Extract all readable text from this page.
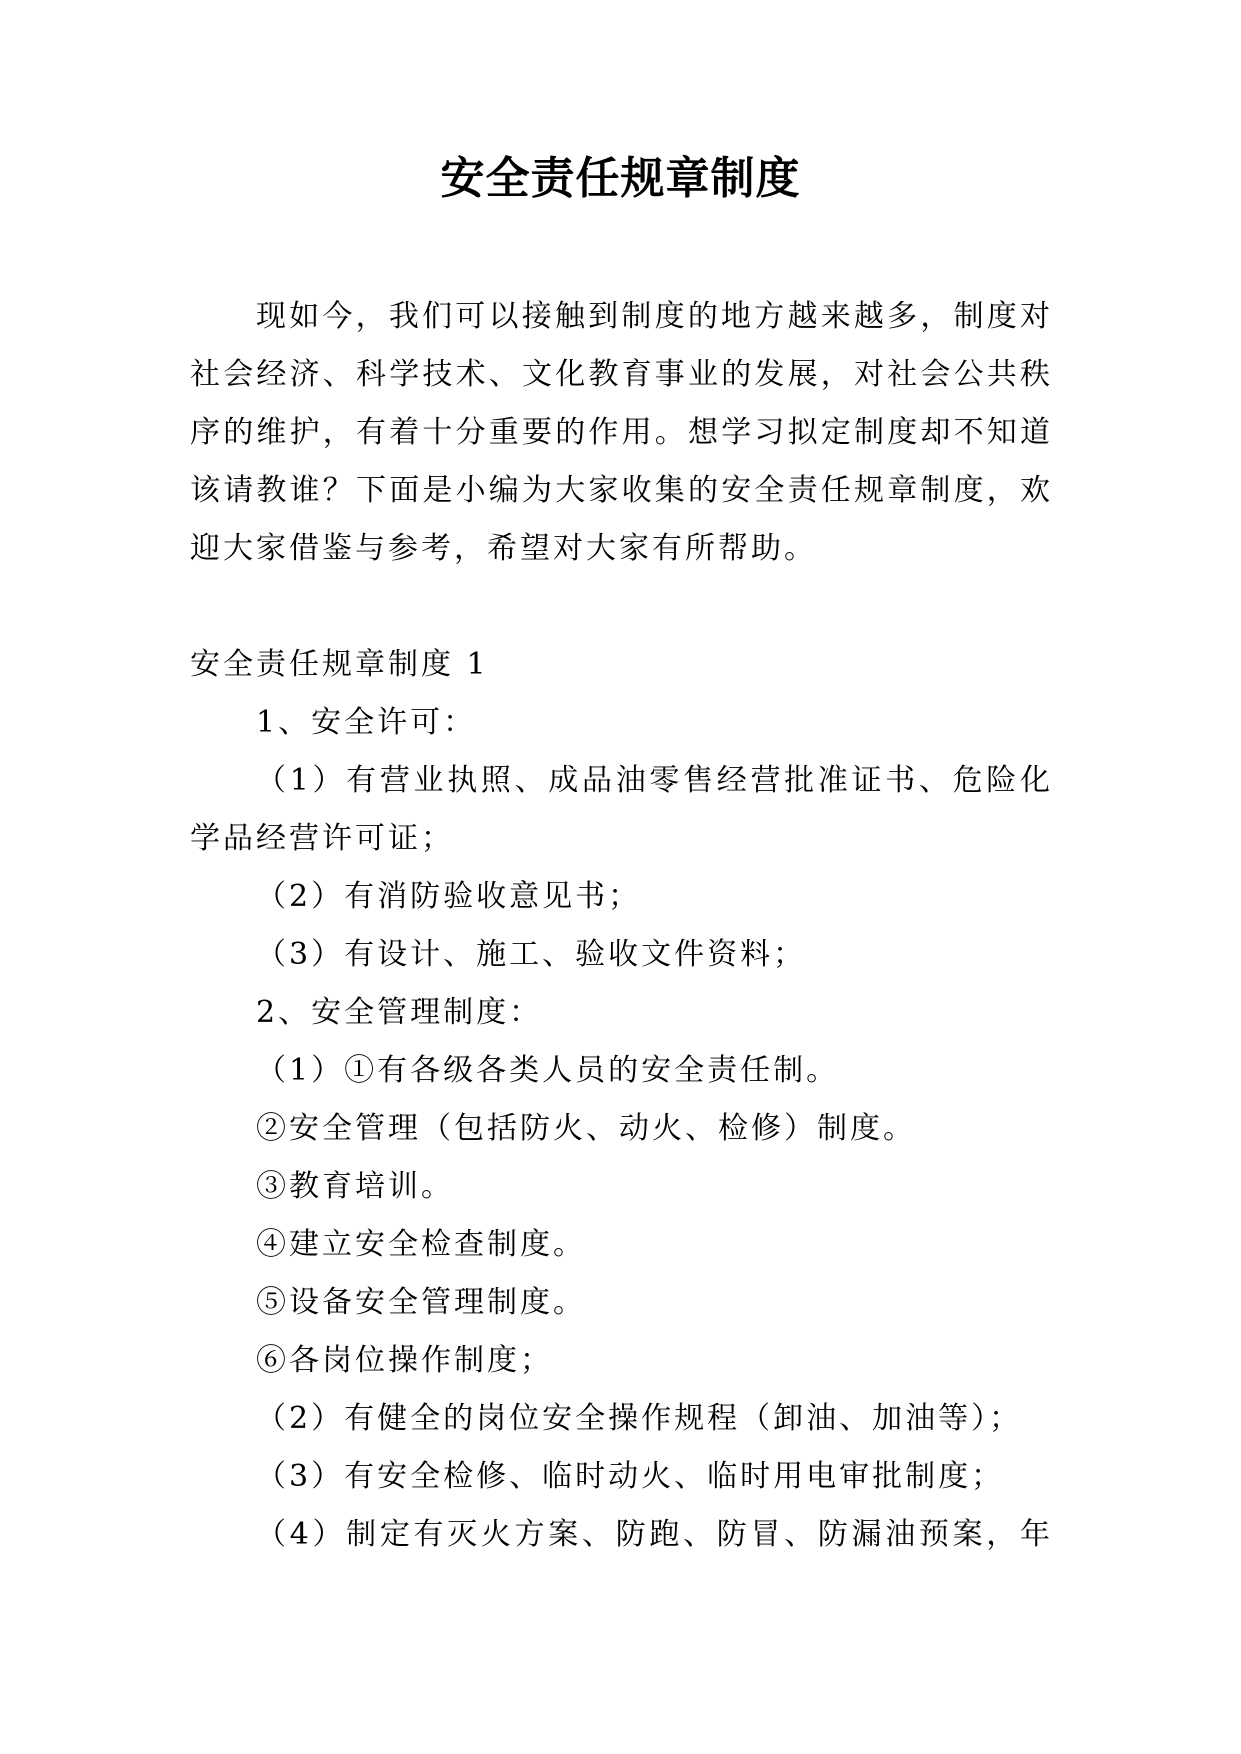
安全责任规章制度
现如今，我们可以接触到制度的地方越来越多，制度对
社会经济、科学技术、文化教育事业的发展，对社会公共秩
序的维护，有着十分重要的作用。想学习拟定制度却不知道
该请教谁？下面是小编为大家收集的安全责任规章制度，欢
迎大家借鉴与参考，希望对大家有所帮助。
安全责任规章制度 1
1、安全许可：
（1）有营业执照、成品油零售经营批准证书、危险化
学品经营许可证；
（2）有消防验收意见书；
（3）有设计、施工、验收文件资料；
2、安全管理制度：
（1）①有各级各类人员的安全责任制。
②安全管理（包括防火、动火、检修）制度。
③教育培训。
④建立安全检查制度。
⑤设备安全管理制度。
⑥各岗位操作制度；
（2）有健全的岗位安全操作规程（卸油、加油等）；
（3）有安全检修、临时动火、临时用电审批制度；
（4）制定有灭火方案、防跑、防冒、防漏油预案，年
